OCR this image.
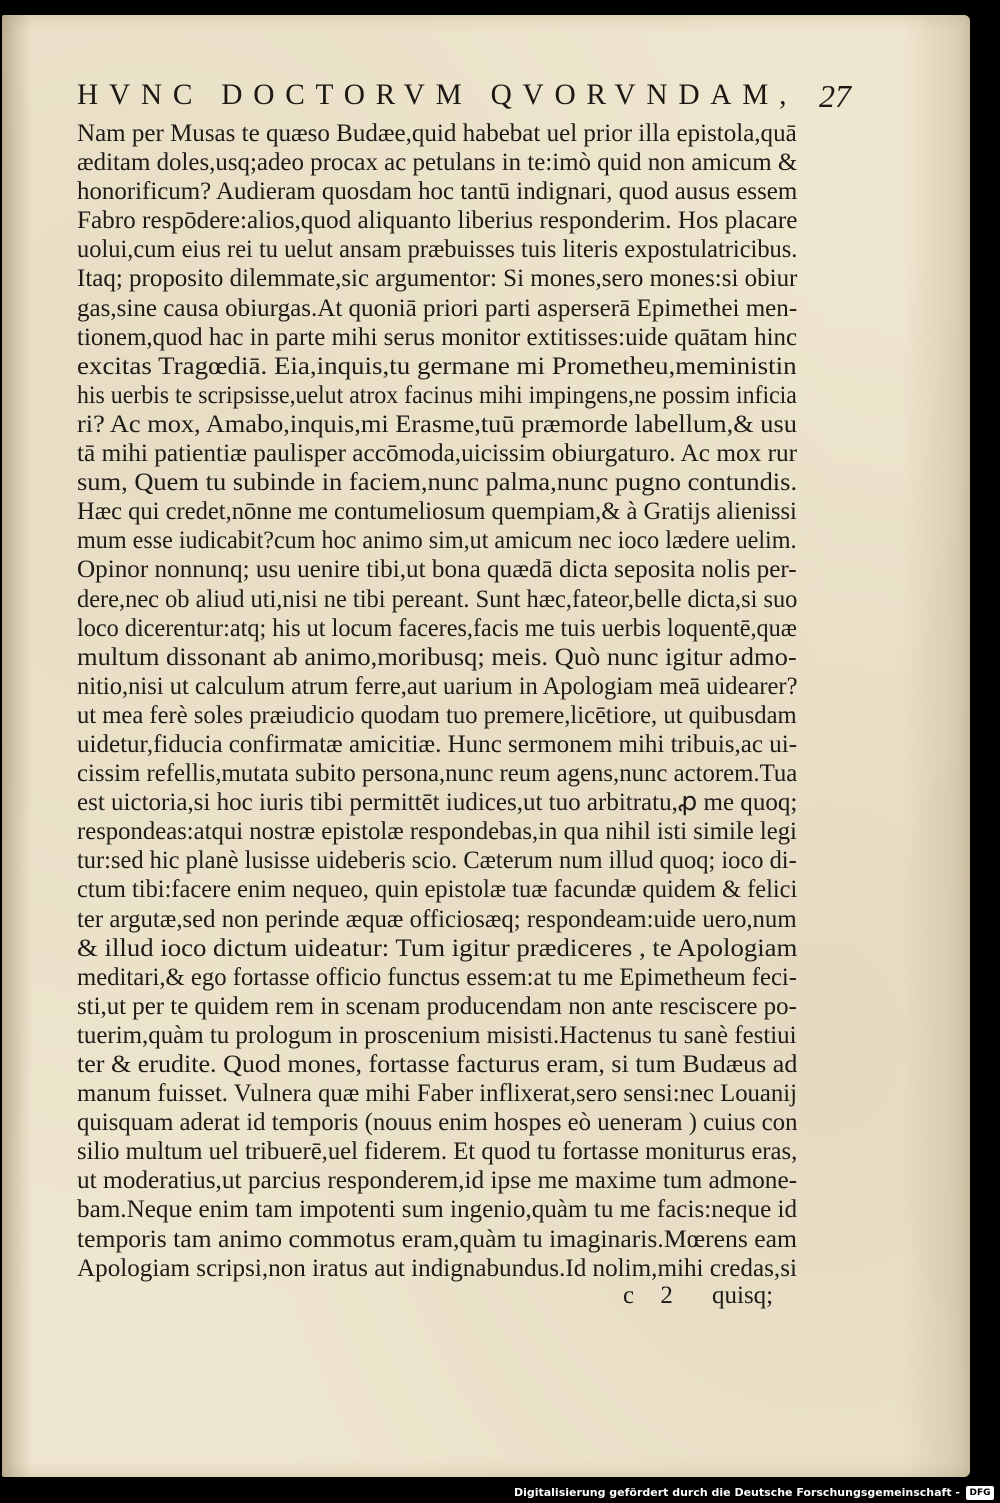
HVNC DOCTORVM QVORVNDAM, 27
Nam per Musas te quæso Budæe,quid habebat uel prior illa epistola,quā
æditam doles,usq;adeo procax ac petulans in te:imò quid non amicum &
honorificum? Audieram quosdam hoc tantū indignari, quod ausus essem
Fabro respōdere:alios,quod aliquanto liberius responderim. Hos placare
uolui,cum eius rei tu uelut ansam præbuisses tuis literis expostulatricibus.
Itaq; proposito dilemmate,sic argumentor: Si mones,sero mones:si obiur
gas,sine causa obiurgas.At quoniā priori parti asperserā Epimethei men-
tionem,quod hac in parte mihi serus monitor extitisses:uide quātam hinc
excitas Tragœdiā. Eia,inquis,tu germane mi Prometheu,meministin
his uerbis te scripsisse,uelut atrox facinus mihi impingens,ne possim inficia
ri? Ac mox, Amabo,inquis,mi Erasme,tuū præmorde labellum,& usu
tā mihi patientiæ paulisper accōmoda,uicissim obiurgaturo. Ac mox rur
sum, Quem tu subinde in faciem,nunc palma,nunc pugno contundis.
Hæc qui credet,nōnne me contumeliosum quempiam,& à Gratijs alienissi
mum esse iudicabit?cum hoc animo sim,ut amicum nec ioco lædere uelim.
Opinor nonnunq; usu uenire tibi,ut bona quædā dicta seposita nolis per-
dere,nec ob aliud uti,nisi ne tibi pereant. Sunt hæc,fateor,belle dicta,si suo
loco dicerentur:atq; his ut locum faceres,facis me tuis uerbis loquentē,quæ
multum dissonant ab animo,moribusq; meis. Quò nunc igitur admo-
nitio,nisi ut calculum atrum ferre,aut uarium in Apologiam meā uidearer?
ut mea ferè soles præiudicio quodam tuo premere,licētiore, ut quibusdam
uidetur,fiducia confirmatæ amicitiæ. Hunc sermonem mihi tribuis,ac ui-
cissim refellis,mutata subito persona,nunc reum agens,nunc actorem.Tua
est uictoria,si hoc iuris tibi permittēt iudices,ut tuo arbitratu,ꝓ me quoq;
respondeas:atqui nostræ epistolæ respondebas,in qua nihil isti simile legi
tur:sed hic planè lusisse uideberis scio. Cæterum num illud quoq; ioco di-
ctum tibi:facere enim nequeo, quin epistolæ tuæ facundæ quidem & felici
ter argutæ,sed non perinde æquæ officiosæq; respondeam:uide uero,num
& illud ioco dictum uideatur: Tum igitur prædiceres , te Apologiam
meditari,& ego fortasse officio functus essem:at tu me Epimetheum feci-
sti,ut per te quidem rem in scenam producendam non ante resciscere po-
tuerim,quàm tu prologum in proscenium misisti.Hactenus tu sanè festiui
ter & erudite. Quod mones, fortasse facturus eram, si tum Budæus ad
manum fuisset. Vulnera quæ mihi Faber inflixerat,sero sensi:nec Louanij
quisquam aderat id temporis (nouus enim hospes eò ueneram ) cuius con
silio multum uel tribuerē,uel fiderem. Et quod tu fortasse moniturus eras,
ut moderatius,ut parcius responderem,id ipse me maxime tum admone-
bam.Neque enim tam impotenti sum ingenio,quàm tu me facis:neque id
temporis tam animo commotus eram,quàm tu imaginaris.Mœrens eam
Apologiam scripsi,non iratus aut indignabundus.Id nolim,mihi credas,si
c 2 quisq;
Digitalisierung gefördert durch die Deutsche Forschungsgemeinschaft -	DFG
